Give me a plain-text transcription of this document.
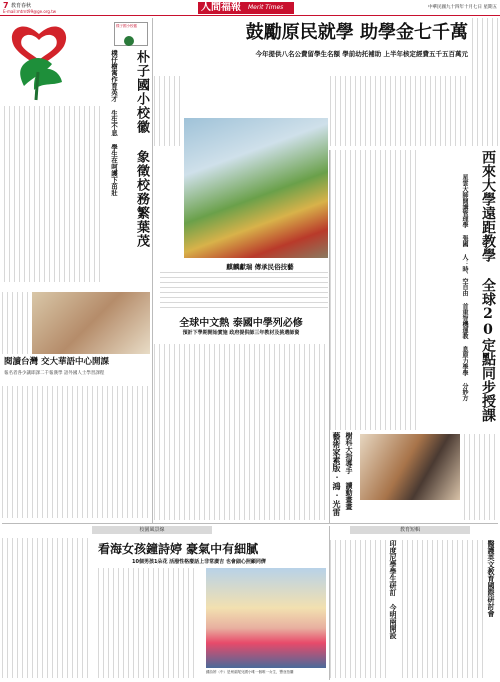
7 教育春秋
E-mail:mtrnt99@ge.org.tw	人間福報 Merit Times	中華民國九十四年十月七日 星期五
樸子國小校徽
朴子國小校徽 象徵校務繁葉茂
樸仔樹寓作育英才 生生不息 學生在呵護下茁壯
閱讀台灣 交大華語中心開課
報名者各少讓即課二千報漢學 語外國人士學習課程
鼓勵原民就學 助學金七千萬
今年提供八名公費留學生名額 學前幼托補助 上半年核定經費五千五百萬元
麒麟獻瑞 傳承民俗技藝	西來大學遠距教學 全球20定點同步授課
星雲大師開講管理學 張國 人：時、空自由 首重智機運教 息原力學學 分妙方
全球中文熱 泰國中學列必修
預計下學期開始實施 政府提供師三年教材及挑選師資
藝術家素版·鴻·光雷 樹科大指導手 讀動畫畫
校園風景線
看海女孩鐘詩婷 豪氣中有細膩
10個男孩1朵花 活潑性格廢話上非常廣吉 也會細心照顧同儕
鍾詩婷（中）是崗湖尾兒國小唯一個唯一女生，豐登拍攝
教育短輯
印度尼學學生研訂 今明兩開設	醫護英文教育國際研討會
